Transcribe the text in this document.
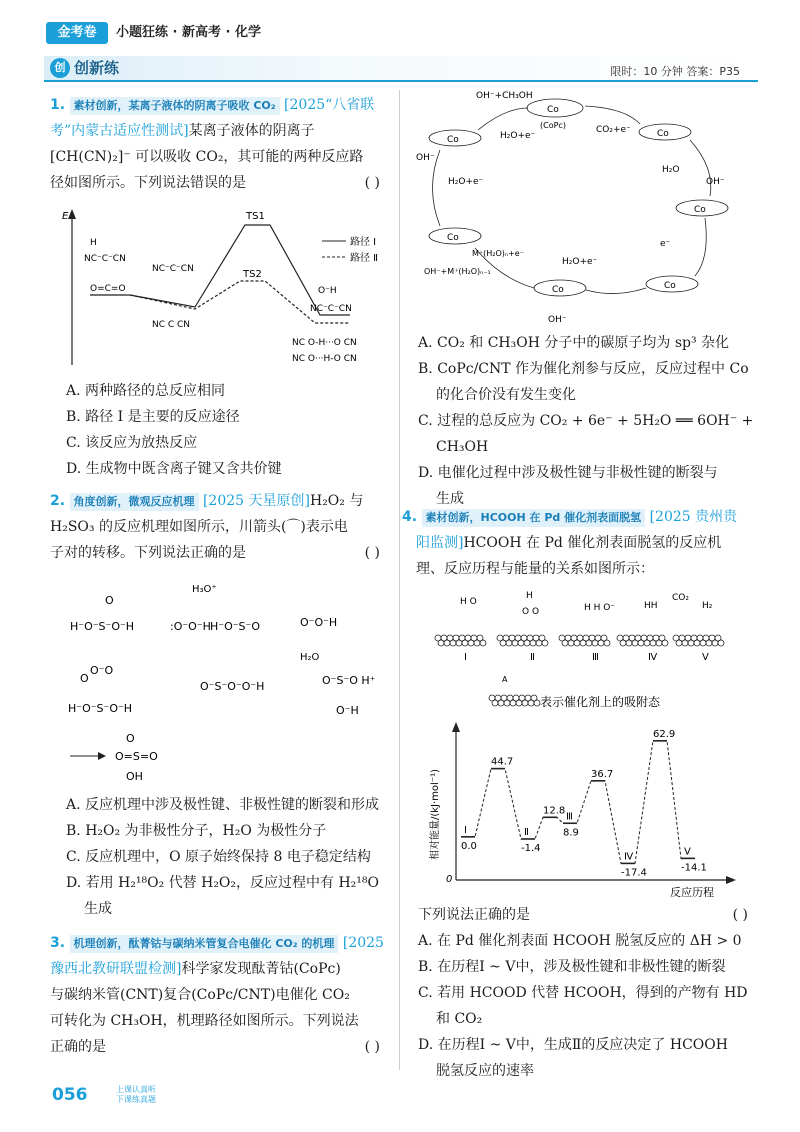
金考卷	小题狂练 · 新高考 · 化学
创 创新练	限时：10 分钟 答案：P35
1. 素材创新，某离子液体的阴离子吸收 CO₂ [2025“八省联考”内蒙古适应性测试]某离子液体的阴离子
[CH(CN)₂]⁻ 可以吸收 CO₂，其可能的两种反应路
径如图所示。下列说法错误的是	( )
E	TS1
TS2
路径 Ⅰ
路径 Ⅱ
O=C=O
H
NC⁻C⁻CN
NC⁻C⁻CN
NC C CN
O⁻H
NC⁻C⁻CN
NC O-H···O CN
NC O···H-O CN
A. 两种路径的总反应相同
B. 路径 Ⅰ 是主要的反应途径
C. 该反应为放热反应
D. 生成物中既含离子键又含共价键
2. 角度创新，微观反应机理 [2025 天星原创]H₂O₂ 与
H₂SO₃ 的反应机理如图所示，川箭头(⌒)表示电
子对的转移。下列说法正确的是	( )
H⁻O⁻S⁻O⁻H
O
:O⁻O⁻H
H₃O⁺
H⁻O⁻S⁻O	O⁻O⁻H
O
O⁻O
H⁻O⁻S⁻O⁻H
O⁻S⁻O⁻O⁻H
H₂O
O⁻S⁻O H⁺
O⁻H
O=S=O
O
OH
A. 反应机理中涉及极性键、非极性键的断裂和形成
B. H₂O₂ 为非极性分子，H₂O 为极性分子
C. 反应机理中，O 原子始终保持 8 电子稳定结构
D. 若用 H₂¹⁸O₂ 代替 H₂O₂，反应过程中有 H₂¹⁸O
生成
3. 机理创新，酞菁钴与碳纳米管复合电催化 CO₂ 的机理 [2025
豫西北教研联盟检测]科学家发现酞菁钴(CoPc)
与碳纳米管(CNT)复合(CoPc/CNT)电催化 CO₂
可转化为 CH₃OH，机理路径如图所示。下列说法
正确的是	( )
Co
(CoPc)
Co
Co
Co
Co
Co
Co
OH⁻+CH₃OH
H₂O+e⁻
CO₂+e⁻
H₂O
OH⁻
e⁻
H₂O+e⁻
OH⁻
H₂O+e⁻
M⁺(H₂O)ₙ+e⁻
OH⁻+M⁺(H₂O)ₙ₋₁
OH⁻
A. CO₂ 和 CH₃OH 分子中的碳原子均为 sp³ 杂化
B. CoPc/CNT 作为催化剂参与反应，反应过程中 Co
的化合价没有发生变化
C. 过程的总反应为 CO₂ + 6e⁻ + 5H₂O ══ 6OH⁻ +
CH₃OH
D. 电催化过程中涉及极性键与非极性键的断裂与
生成
4. 素材创新，HCOOH 在 Pd 催化剂表面脱氢 [2025 贵州贵
阳监测]HCOOH 在 Pd 催化剂表面脱氢的反应机
理、反应历程与能量的关系如图所示：
H O
H
O O	H H O⁻	HH
CO₂
H₂
Ⅰ	Ⅱ	Ⅲ	Ⅳ	Ⅴ
A
表示催化剂上的吸附态
相对能量/(kJ·mol⁻¹)
0
反应历程
0.0
44.7
-1.4
12.8
8.9
36.7
-17.4
62.9
-14.1
Ⅰ	Ⅱ
Ⅲ
Ⅳ	Ⅴ
下列说法正确的是	( )
A. 在 Pd 催化剂表面 HCOOH 脱氢反应的 ΔH > 0
B. 在历程Ⅰ ~ Ⅴ中，涉及极性键和非极性键的断裂
C. 若用 HCOOD 代替 HCOOH，得到的产物有 HD
和 CO₂
D. 在历程Ⅰ ~ Ⅴ中，生成Ⅱ的反应决定了 HCOOH
脱氢反应的速率
056	上课认真听
下课练真题
